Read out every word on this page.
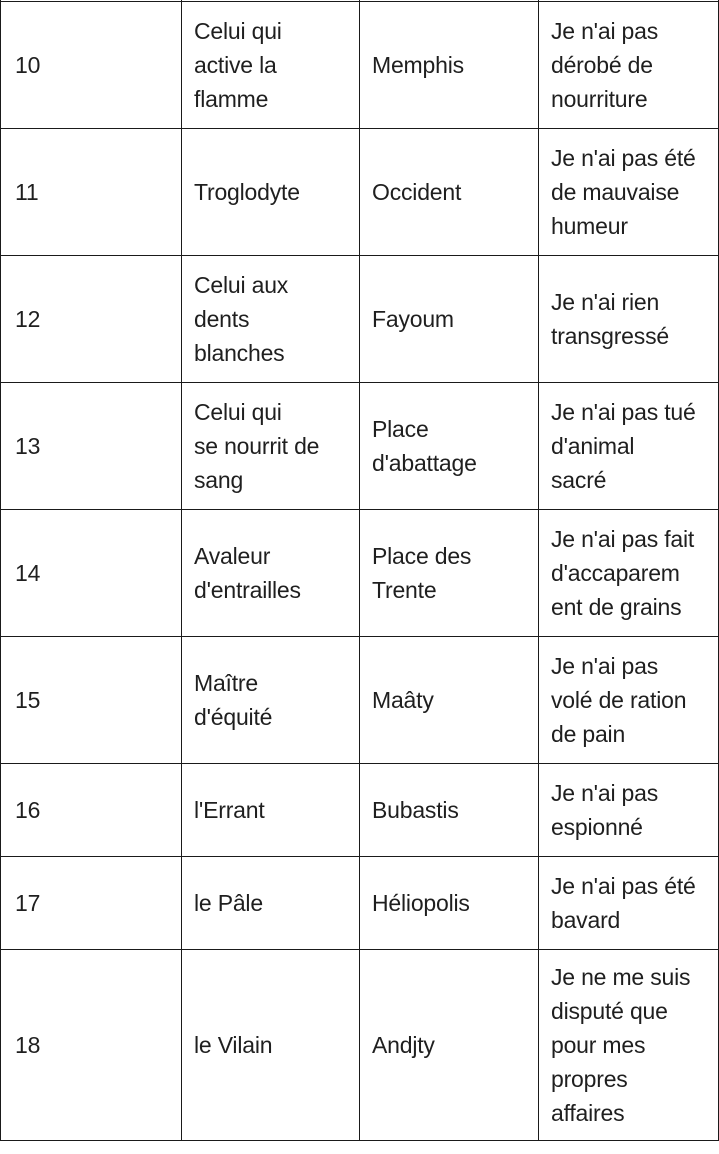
10	Celui qui
active la
flamme	Memphis	Je n'ai pas
dérobé de
nourriture
11	Troglodyte	Occident	Je n'ai pas été
de mauvaise
humeur
12	Celui aux
dents
blanches	Fayoum	Je n'ai rien
transgressé
13	Celui qui
se nourrit de
sang	Place
d'abattage	Je n'ai pas tué
d'animal
sacré
14	Avaleur
d'entrailles	Place des
Trente	Je n'ai pas fait
d'accaparem
ent de grains
15	Maître
d'équité	Maâty	Je n'ai pas
volé de ration
de pain
16	l'Errant	Bubastis	Je n'ai pas
espionné
17	le Pâle	Héliopolis	Je n'ai pas été
bavard
18	le Vilain	Andjty	Je ne me suis
disputé que
pour mes
propres
affaires
